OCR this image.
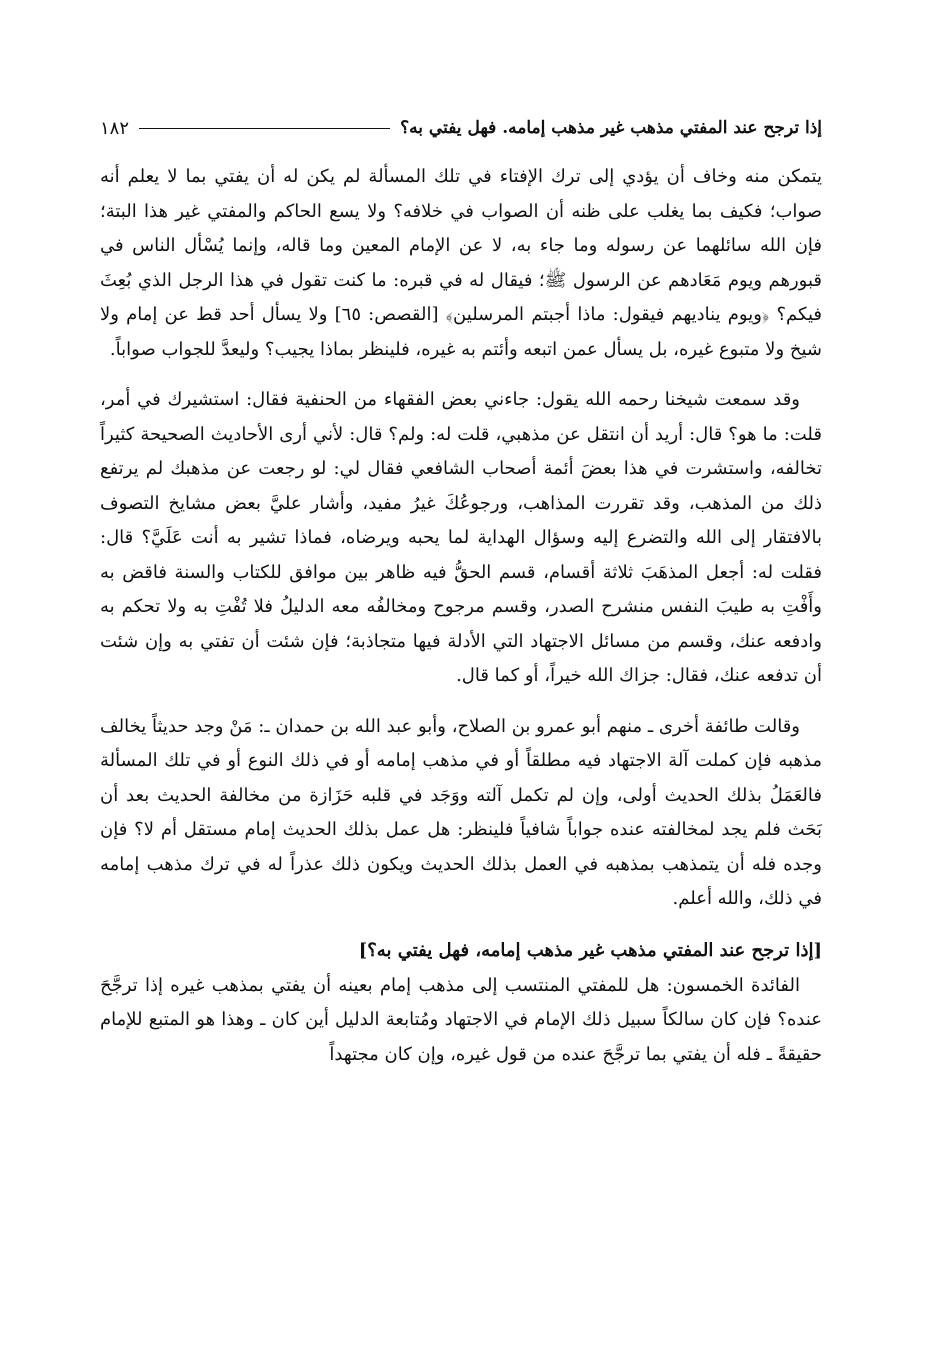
إذا ترجح عند المفتي مذهب غير مذهب إمامه. فهل يفتي به؟
١٨٢

يتمكن منه وخاف أن يؤدي إلى ترك الإفتاء في تلك المسألة لم يكن له أن يفتي بما لا يعلم أنه صواب؛ فكيف بما يغلب على ظنه أن الصواب في خلافه؟ ولا يسع الحاكم والمفتي غير هذا البتة؛ فإن الله سائلهما عن رسوله وما جاء به، لا عن الإمام المعين وما قاله، وإنما يُسْأل الناس في قبورهم ويوم مَعَادهم عن الرسول ﷺ؛ فيقال له في قبره: ما كنت تقول في هذا الرجل الذي بُعِثَ فيكم؟ ﴿ويوم يناديهم فيقول: ماذا أجبتم المرسلين﴾ [القصص: ٦٥] ولا يسأل أحد قط عن إمام ولا شيخ ولا متبوع غيره، بل يسأل عمن اتبعه وأئتم به غيره، فلينظر بماذا يجيب؟ وليعدَّ للجواب صواباً.

وقد سمعت شيخنا رحمه الله يقول: جاءني بعض الفقهاء من الحنفية فقال: استشيرك في أمر، قلت: ما هو؟ قال: أريد أن انتقل عن مذهبي، قلت له: ولم؟ قال: لأني أرى الأحاديث الصحيحة كثيراً تخالفه، واستشرت في هذا بعضَ أئمة أصحاب الشافعي فقال لي: لو رجعت عن مذهبك لم يرتفع ذلك من المذهب، وقد تقررت المذاهب، ورجوعُكَ غيرُ مفيد، وأشار عليَّ بعض مشايخ التصوف بالافتقار إلى الله والتضرع إليه وسؤال الهداية لما يحبه ويرضاه، فماذا تشير به أنت عَلَيَّ؟ قال: فقلت له: أجعل المذهَبَ ثلاثة أقسام، قسم الحقُّ فيه ظاهر بين موافق للكتاب والسنة فاقض به وأَفْتِ به طيبَ النفس منشرح الصدر، وقسم مرجوح ومخالفُه معه الدليلُ فلا تُفْتِ به ولا تحكم به وادفعه عنك، وقسم من مسائل الاجتهاد التي الأدلة فيها متجاذبة؛ فإن شئت أن تفتي به وإن شئت أن تدفعه عنك، فقال: جزاك الله خيراً، أو كما قال.

وقالت طائفة أخرى ـ منهم أبو عمرو بن الصلاح، وأبو عبد الله بن حمدان ـ: مَنْ وجد حديثاً يخالف مذهبه فإن كملت آلة الاجتهاد فيه مطلقاً أو في مذهب إمامه أو في ذلك النوع أو في تلك المسألة فالعَمَلُ بذلك الحديث أولى، وإن لم تكمل آلته ووَجَد في قلبه حَزَازة من مخالفة الحديث بعد أن بَحَث فلم يجد لمخالفته عنده جواباً شافياً فلينظر: هل عمل بذلك الحديث إمام مستقل أم لا؟ فإن وجده فله أن يتمذهب بمذهبه في العمل بذلك الحديث ويكون ذلك عذراً له في ترك مذهب إمامه في ذلك، والله أعلم.

[إذا ترجح عند المفتي مذهب غير مذهب إمامه، فهل يفتي به؟]

الفائدة الخمسون: هل للمفتي المنتسب إلى مذهب إمام بعينه أن يفتي بمذهب غيره إذا ترجَّحَ عنده؟ فإن كان سالكاً سبيل ذلك الإمام في الاجتهاد ومُتابعة الدليل أين كان ـ وهذا هو المتبع للإمام حقيقةً ـ فله أن يفتي بما ترجَّحَ عنده من قول غيره، وإن كان مجتهداً
